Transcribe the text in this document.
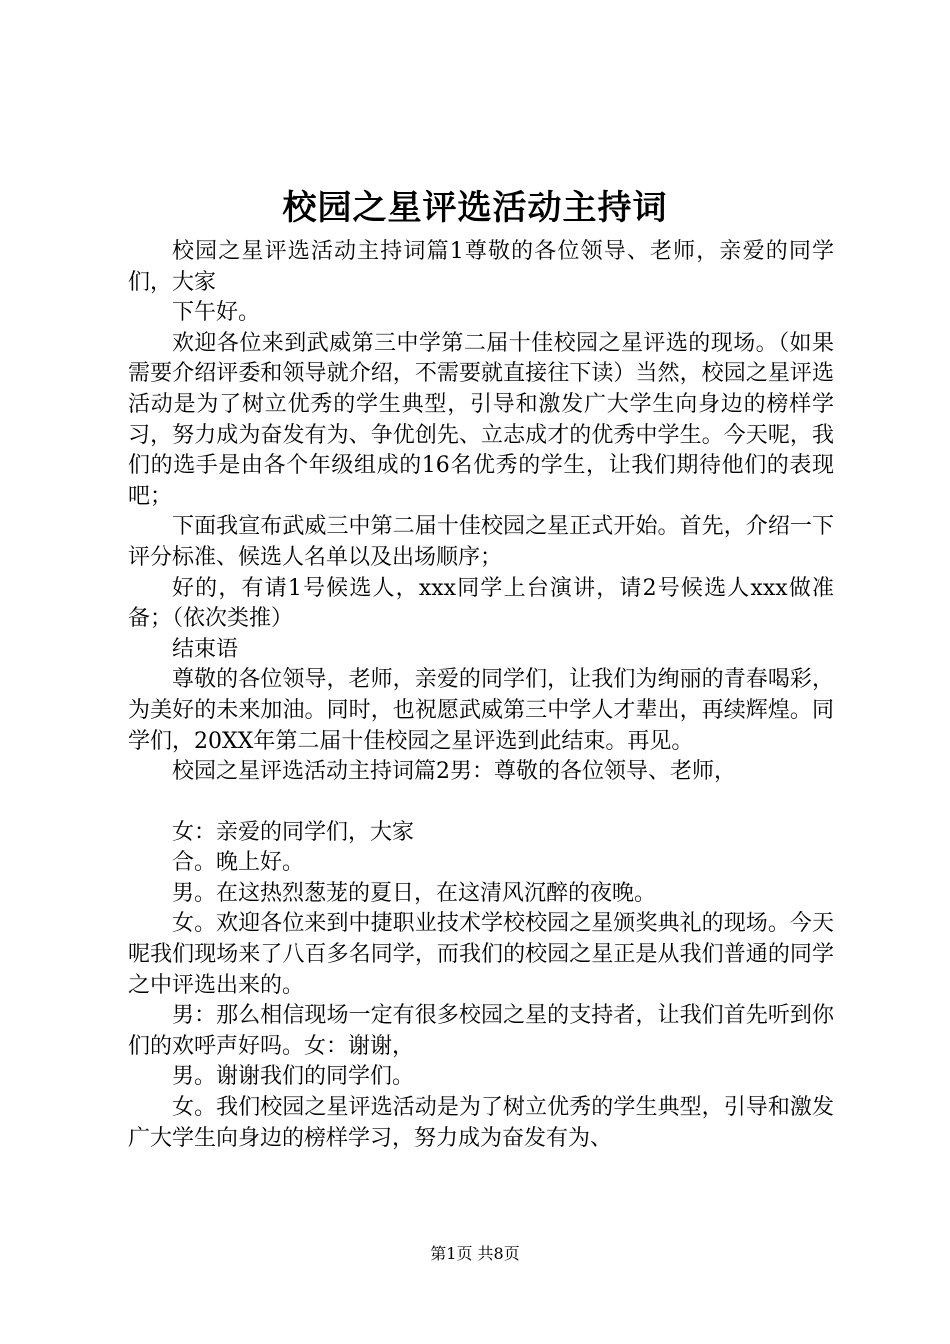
校园之星评选活动主持词

校园之星评选活动主持词篇1尊敬的各位领导、老师，亲爱的同学们，大家

下午好。

欢迎各位来到武威第三中学第二届十佳校园之星评选的现场。（如果需要介绍评委和领导就介绍，不需要就直接往下读）当然，校园之星评选活动是为了树立优秀的学生典型，引导和激发广大学生向身边的榜样学习，努力成为奋发有为、争优创先、立志成才的优秀中学生。今天呢，我们的选手是由各个年级组成的16名优秀的学生，让我们期待他们的表现吧；

下面我宣布武威三中第二届十佳校园之星正式开始。首先，介绍一下评分标准、候选人名单以及出场顺序；

好的，有请1号候选人，xxx同学上台演讲，请2号候选人xxx做准备；（依次类推）

结束语

尊敬的各位领导，老师，亲爱的同学们，让我们为绚丽的青春喝彩，为美好的未来加油。同时，也祝愿武威第三中学人才辈出，再续辉煌。同学们，20XX年第二届十佳校园之星评选到此结束。再见。

校园之星评选活动主持词篇2男：尊敬的各位领导、老师，

女：亲爱的同学们，大家

合。晚上好。

男。在这热烈葱茏的夏日，在这清风沉醉的夜晚。

女。欢迎各位来到中捷职业技术学校校园之星颁奖典礼的现场。今天呢我们现场来了八百多名同学，而我们的校园之星正是从我们普通的同学之中评选出来的。

男：那么相信现场一定有很多校园之星的支持者，让我们首先听到你们的欢呼声好吗。女：谢谢，

男。谢谢我们的同学们。

女。我们校园之星评选活动是为了树立优秀的学生典型，引导和激发广大学生向身边的榜样学习，努力成为奋发有为、

第1页 共8页
